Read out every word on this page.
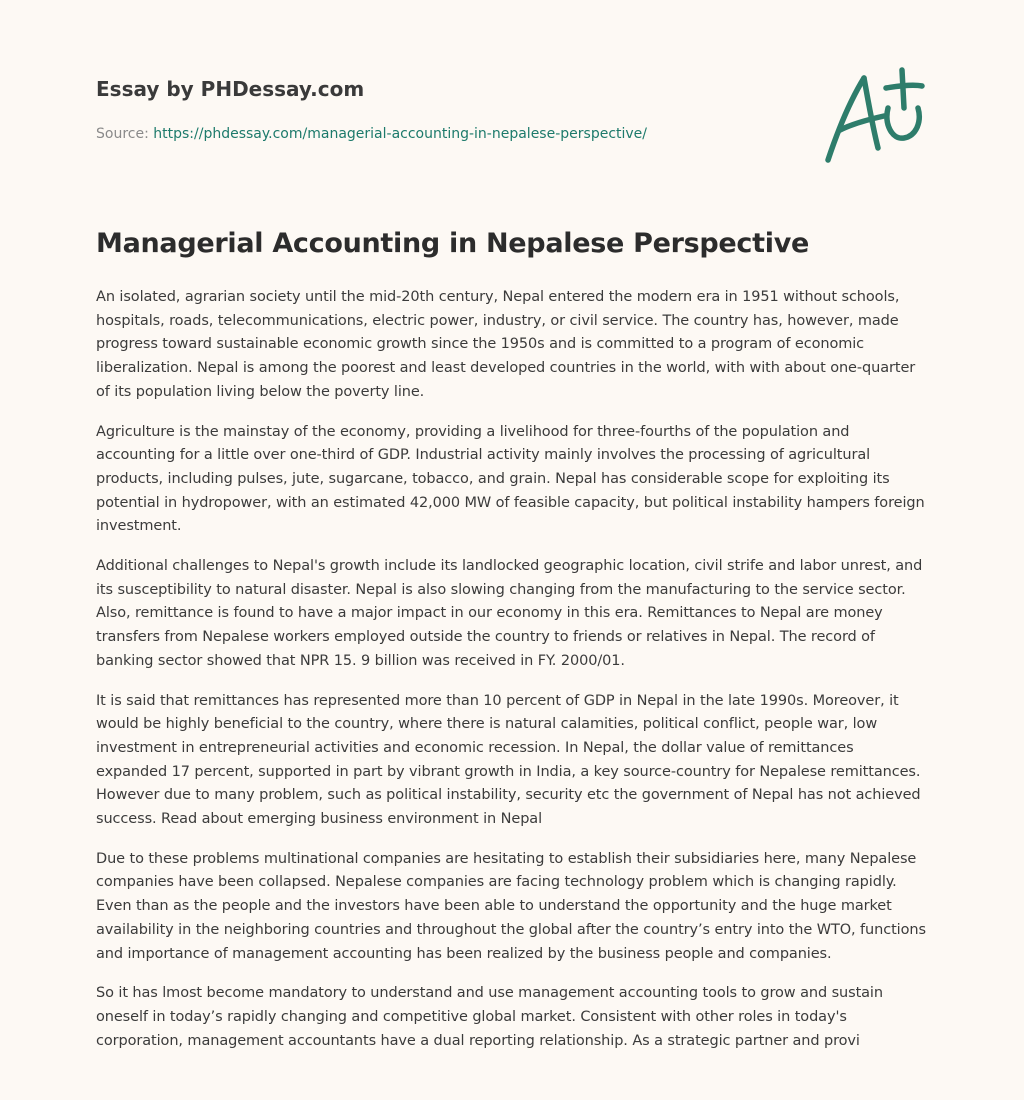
Essay by PHDessay.com
Source: https://phdessay.com/managerial-accounting-in-nepalese-perspective/
Managerial Accounting in Nepalese Perspective

An isolated, agrarian society until the mid-20th century, Nepal entered the modern era in 1951 without schools, hospitals, roads, telecommunications, electric power, industry, or civil service. The country has, however, made progress toward sustainable economic growth since the 1950s and is committed to a program of economic liberalization. Nepal is among the poorest and least developed countries in the world, with with about one-quarter of its population living below the poverty line.

Agriculture is the mainstay of the economy, providing a livelihood for three-fourths of the population and accounting for a little over one-third of GDP. Industrial activity mainly involves the processing of agricultural products, including pulses, jute, sugarcane, tobacco, and grain. Nepal has considerable scope for exploiting its potential in hydropower, with an estimated 42,000 MW of feasible capacity, but political instability hampers foreign investment.

Additional challenges to Nepal's growth include its landlocked geographic location, civil strife and labor unrest, and its susceptibility to natural disaster. Nepal is also slowing changing from the manufacturing to the service sector. Also, remittance is found to have a major impact in our economy in this era. Remittances to Nepal are money transfers from Nepalese workers employed outside the country to friends or relatives in Nepal. The record of banking sector showed that NPR 15. 9 billion was received in FY. 2000/01.

It is said that remittances has represented more than 10 percent of GDP in Nepal in the late 1990s. Moreover, it would be highly beneficial to the country, where there is natural calamities, political conflict, people war, low investment in entrepreneurial activities and economic recession. In Nepal, the dollar value of remittances expanded 17 percent, supported in part by vibrant growth in India, a key source-country for Nepalese remittances. However due to many problem, such as political instability, security etc the government of Nepal has not achieved success. Read about emerging business environment in Nepal

Due to these problems multinational companies are hesitating to establish their subsidiaries here, many Nepalese companies have been collapsed. Nepalese companies are facing technology problem which is changing rapidly. Even than as the people and the investors have been able to understand the opportunity and the huge market availability in the neighboring countries and throughout the global after the country’s entry into the WTO, functions and importance of management accounting has been realized by the business people and companies.

So it has lmost become mandatory to understand and use management accounting tools to grow and sustain oneself in today’s rapidly changing and competitive global market. Consistent with other roles in today's corporation, management accountants have a dual reporting relationship. As a strategic partner and provi
